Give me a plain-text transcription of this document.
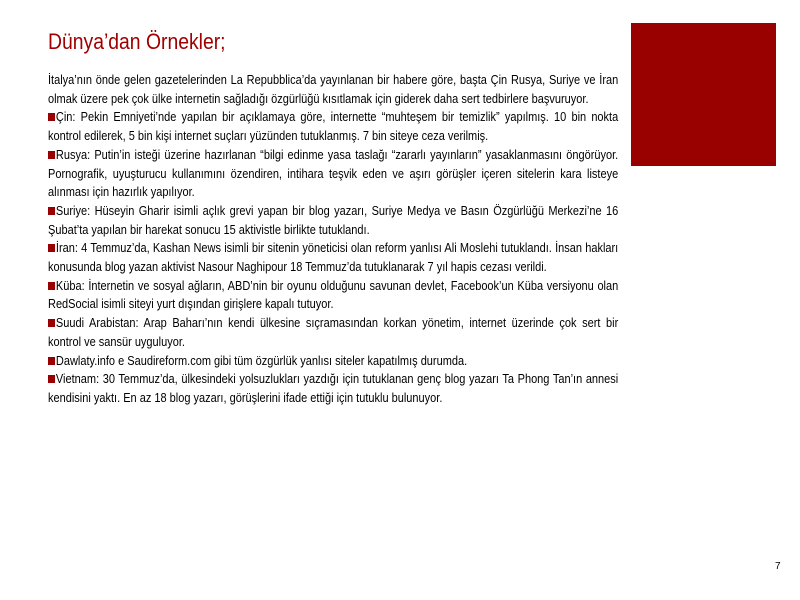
Dünya’dan Örnekler;

İtalya’nın önde gelen gazetelerinden La Repubblica’da yayınlanan bir habere göre, başta Çin Rusya, Suriye ve İran olmak üzere pek çok ülke internetin sağladığı özgürlüğü kısıtlamak için giderek daha sert tedbirlere başvuruyor.

Çin: Pekin Emniyeti’nde yapılan bir açıklamaya göre, internette “muhteşem bir temizlik” yapılmış. 10 bin nokta kontrol edilerek, 5 bin kişi internet suçları yüzünden tutuklanmış. 7 bin siteye ceza verilmiş.

Rusya: Putin’in isteği üzerine hazırlanan “bilgi edinme yasa taslağı “zararlı yayınların” yasaklanmasını öngörüyor. Pornografik, uyuşturucu kullanımını özendiren, intihara teşvik eden ve aşırı görüşler içeren sitelerin kara listeye alınması için hazırlık yapılıyor.

Suriye: Hüseyin Gharir isimli açlık grevi yapan bir blog yazarı, Suriye Medya ve Basın Özgürlüğü Merkezi’ne 16 Şubat’ta yapılan bir harekat sonucu 15 aktivistle birlikte tutuklandı.

İran: 4 Temmuz’da, Kashan News isimli bir sitenin yöneticisi olan reform yanlısı Ali Moslehi tutuklandı. İnsan hakları konusunda blog yazan aktivist Nasour Naghipour 18 Temmuz’da tutuklanarak 7 yıl hapis cezası verildi.

Küba: İnternetin ve sosyal ağların, ABD’nin bir oyunu olduğunu savunan devlet, Facebook’un Küba versiyonu olan RedSocial isimli siteyi yurt dışından girişlere kapalı tutuyor.

Suudi Arabistan: Arap Baharı’nın kendi ülkesine sıçramasından korkan yönetim, internet üzerinde çok sert bir kontrol ve sansür uyguluyor.

Dawlaty.info e Saudireform.com gibi tüm özgürlük yanlısı siteler kapatılmış durumda.

Vietnam: 30 Temmuz’da, ülkesindeki yolsuzlukları yazdığı için tutuklanan genç blog yazarı Ta Phong Tan’ın annesi kendisini yaktı. En az 18 blog yazarı, görüşlerini ifade ettiği için tutuklu bulunuyor.

7
